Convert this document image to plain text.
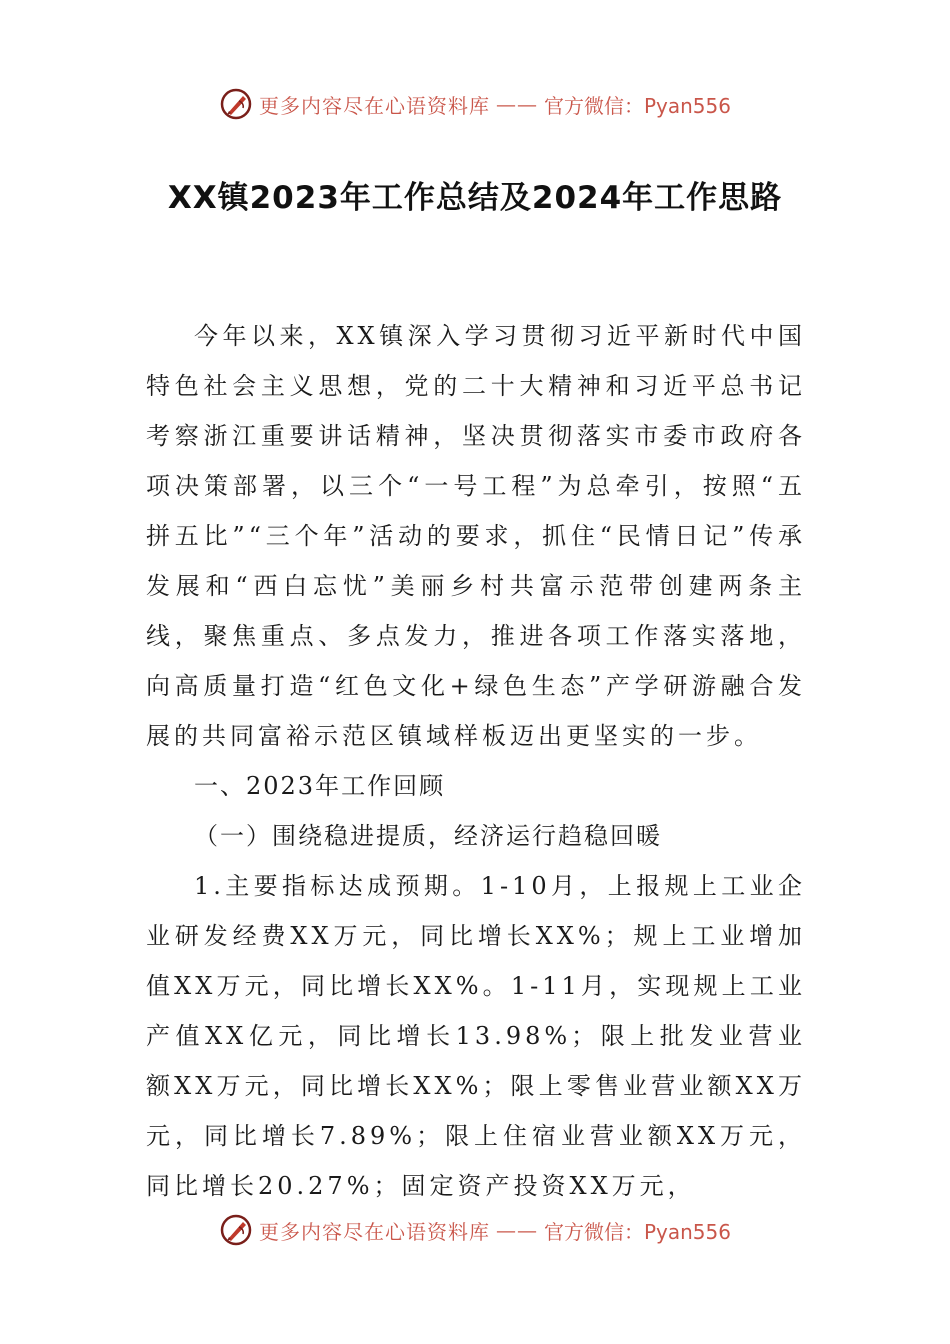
更多内容尽在心语资料库 —— 官方微信：Pyan556
XX镇2023年工作总结及2024年工作思路

今年以来，XX镇深入学习贯彻习近平新时代中国特色社会主义思想，党的二十大精神和习近平总书记考察浙江重要讲话精神，坚决贯彻落实市委市政府各项决策部署，以三个“一号工程”为总牵引，按照“五拼五比”“三个年”活动的要求，抓住“民情日记”传承发展和“西白忘忧”美丽乡村共富示范带创建两条主线，聚焦重点、多点发力，推进各项工作落实落地，向高质量打造“红色文化+绿色生态”产学研游融合发展的共同富裕示范区镇域样板迈出更坚实的一步。

一、2023年工作回顾

（一）围绕稳进提质，经济运行趋稳回暖

1.主要指标达成预期。1-10月，上报规上工业企业研发经费XX万元，同比增长XX%；规上工业增加值XX万元，同比增长XX%。1-11月，实现规上工业产值XX亿元，同比增长13.98%；限上批发业营业额XX万元，同比增长XX%；限上零售业营业额XX万元，同比增长7.89%；限上住宿业营业额XX万元，同比增长20.27%；固定资产投资XX万元，

更多内容尽在心语资料库 —— 官方微信：Pyan556
